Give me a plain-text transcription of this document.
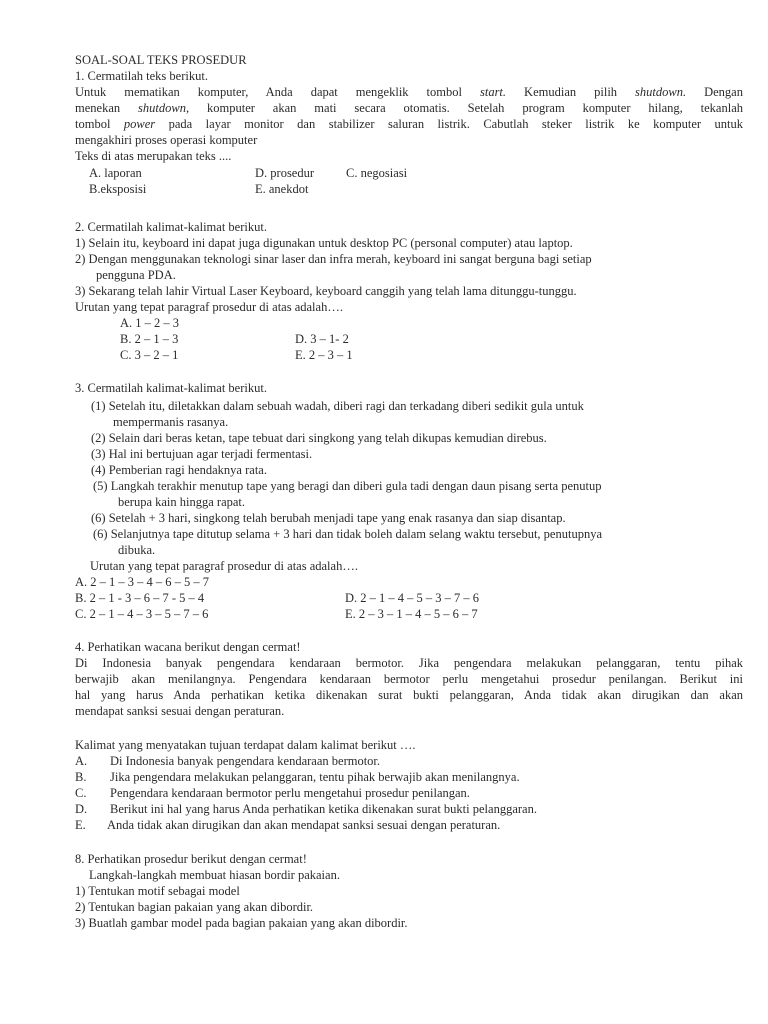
SOAL-SOAL TEKS PROSEDUR
1. Cermatilah teks berikut.
Untuk mematikan komputer, Anda dapat mengeklik tombol start. Kemudian pilih shutdown. Dengan
menekan shutdown, komputer akan mati secara otomatis. Setelah program komputer hilang, tekanlah
tombol power pada layar monitor dan stabilizer saluran listrik. Cabutlah steker listrik ke komputer untuk
mengakhiri proses operasi komputer
Teks di atas merupakan teks ....
A. laporan	D. prosedur	C. negosiasi
B.eksposisi	E. anekdot
2. Cermatilah kalimat-kalimat berikut.
1) Selain itu, keyboard ini dapat juga digunakan untuk desktop PC (personal computer) atau laptop.
2) Dengan menggunakan teknologi sinar laser dan infra merah, keyboard ini sangat berguna bagi setiap
pengguna PDA.
3) Sekarang telah lahir Virtual Laser Keyboard, keyboard canggih yang telah lama ditunggu-tunggu.
Urutan yang tepat paragraf prosedur di atas adalah….
A. 1 – 2 – 3
B. 2 – 1 – 3	D. 3 – 1- 2
C. 3 – 2 – 1	E. 2 – 3 – 1
3. Cermatilah kalimat-kalimat berikut.
(1) Setelah itu, diletakkan dalam sebuah wadah, diberi ragi dan terkadang diberi sedikit gula untuk
mempermanis rasanya.
(2) Selain dari beras ketan, tape tebuat dari singkong yang telah dikupas kemudian direbus.
(3) Hal ini bertujuan agar terjadi fermentasi.
(4) Pemberian ragi hendaknya rata.
(5) Langkah terakhir menutup tape yang beragi dan diberi gula tadi dengan daun pisang serta penutup
berupa kain hingga rapat.
(6) Setelah + 3 hari, singkong telah berubah menjadi tape yang enak rasanya dan siap disantap.
(6) Selanjutnya tape ditutup selama + 3 hari dan tidak boleh dalam selang waktu tersebut, penutupnya
dibuka.
Urutan yang tepat paragraf prosedur di atas adalah….
A. 2 – 1 – 3 – 4 – 6 – 5 – 7
B. 2 – 1 - 3 – 6 – 7 - 5 – 4	D. 2 – 1 – 4 – 5 – 3 – 7 – 6
C. 2 – 1 – 4 – 3 – 5 – 7 – 6	E. 2 – 3 – 1 – 4 – 5 – 6 – 7
4. Perhatikan wacana berikut dengan cermat!
Di Indonesia banyak pengendara kendaraan bermotor. Jika pengendara melakukan pelanggaran, tentu pihak
berwajib akan menilangnya. Pengendara kendaraan bermotor perlu mengetahui prosedur penilangan. Berikut ini
hal yang harus Anda perhatikan ketika dikenakan surat bukti pelanggaran, Anda tidak akan dirugikan dan akan
mendapat sanksi sesuai dengan peraturan.
Kalimat yang menyatakan tujuan terdapat dalam kalimat berikut ….
A. Di Indonesia banyak pengendara kendaraan bermotor.
B. Jika pengendara melakukan pelanggaran, tentu pihak berwajib akan menilangnya.
C. Pengendara kendaraan bermotor perlu mengetahui prosedur penilangan.
D. Berikut ini hal yang harus Anda perhatikan ketika dikenakan surat bukti pelanggaran.
E. Anda tidak akan dirugikan dan akan mendapat sanksi sesuai dengan peraturan.
8. Perhatikan prosedur berikut dengan cermat!
Langkah-langkah membuat hiasan bordir pakaian.
1) Tentukan motif sebagai model
2) Tentukan bagian pakaian yang akan dibordir.
3) Buatlah gambar model pada bagian pakaian yang akan dibordir.
